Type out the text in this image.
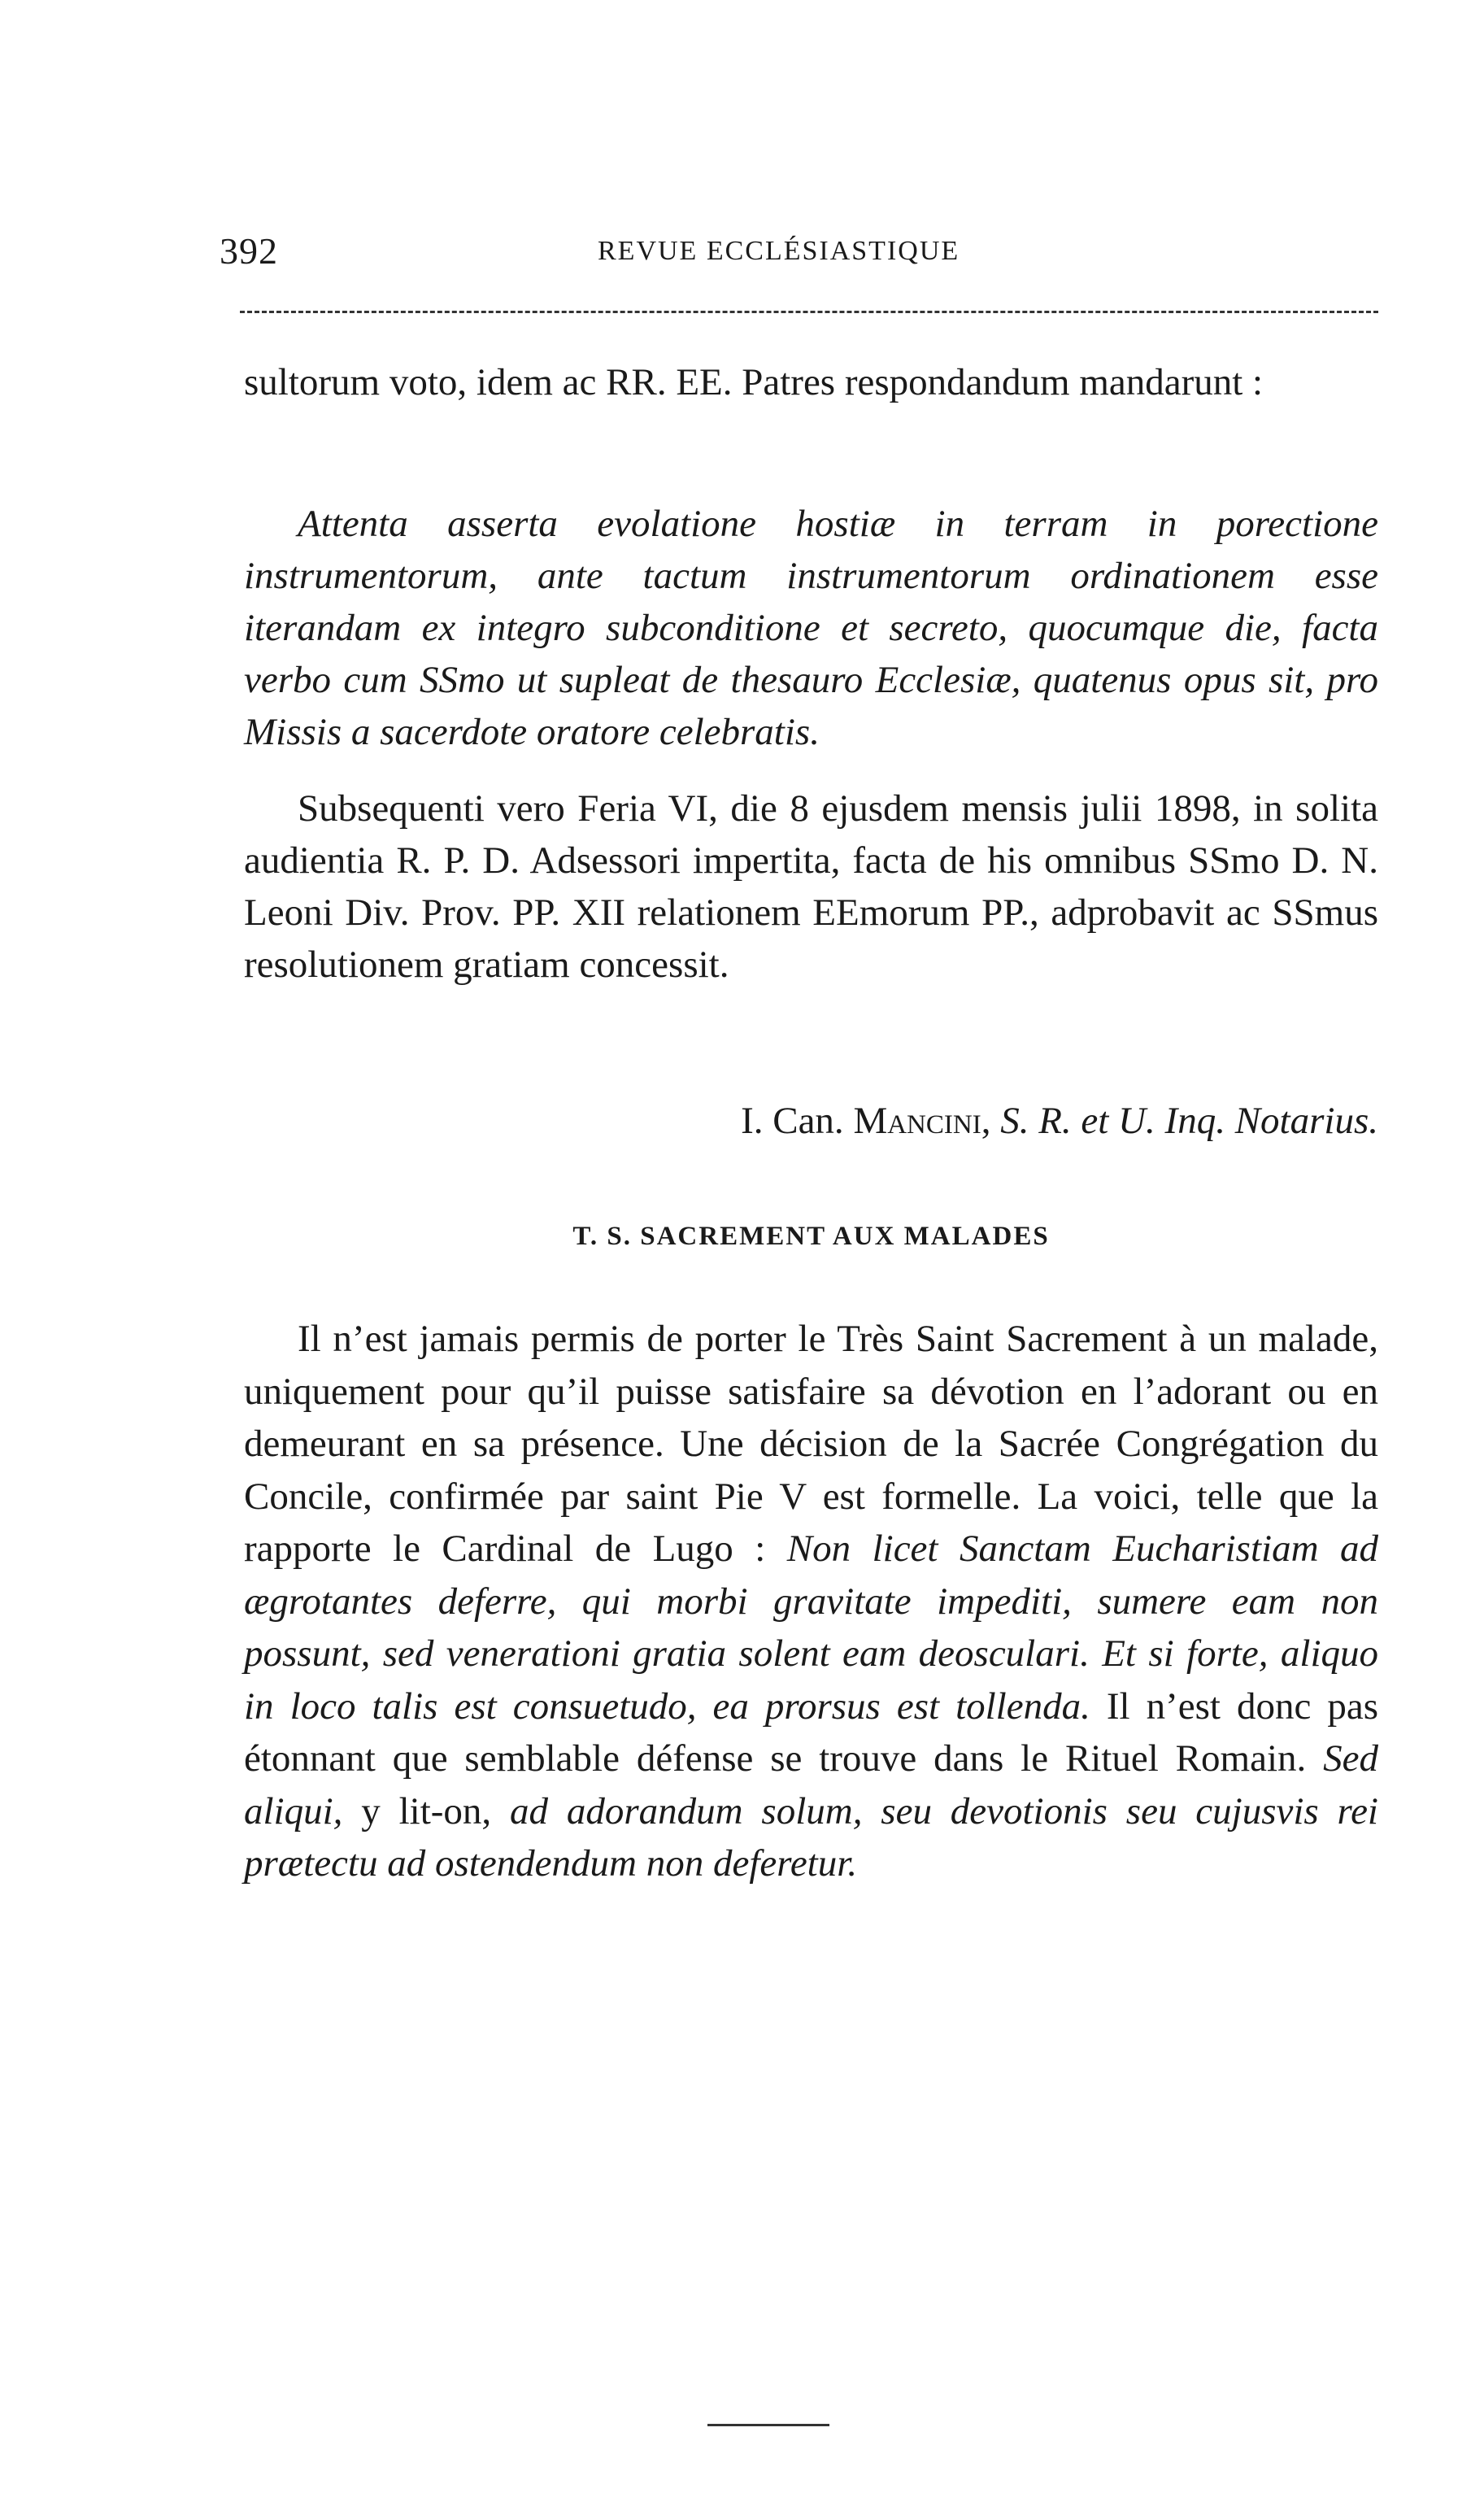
392	REVUE ECCLÉSIASTIQUE

sultorum voto, idem ac RR. EE. Patres respondandum mandarunt :

Attenta asserta evolatione hostiæ in terram in porectione instrumentorum, ante tactum instrumentorum ordinationem esse iterandam ex integro subconditione et secreto, quocumque die, facta verbo cum SSmo ut supleat de thesauro Ecclesiæ, quatenus opus sit, pro Missis a sacerdote oratore celebratis.

Subsequenti vero Feria VI, die 8 ejusdem mensis julii 1898, in solita audientia R. P. D. Adsessori impertita, facta de his omnibus SSmo D. N. Leoni Div. Prov. PP. XII relationem EEmorum PP., adprobavit ac SSmus resolutionem gratiam concessit.

I. Can. Mancini, S. R. et U. Inq. Notarius.

T. S. SACREMENT AUX MALADES

Il n’est jamais permis de porter le Très Saint Sacrement à un malade, uniquement pour qu’il puisse satisfaire sa dévotion en l’adorant ou en demeurant en sa présence. Une décision de la Sacrée Congrégation du Concile, confirmée par saint Pie V est formelle. La voici, telle que la rapporte le Cardinal de Lugo : Non licet Sanctam Eucharistiam ad ægrotantes deferre, qui morbi gravitate impediti, sumere eam non possunt, sed venerationi gratia solent eam deosculari. Et si forte, aliquo in loco talis est consuetudo, ea prorsus est tollenda. Il n’est donc pas étonnant que semblable défense se trouve dans le Rituel Romain. Sed aliqui, y lit-on, ad adorandum solum, seu devotionis seu cujusvis rei prætectu ad ostendendum non deferetur.
